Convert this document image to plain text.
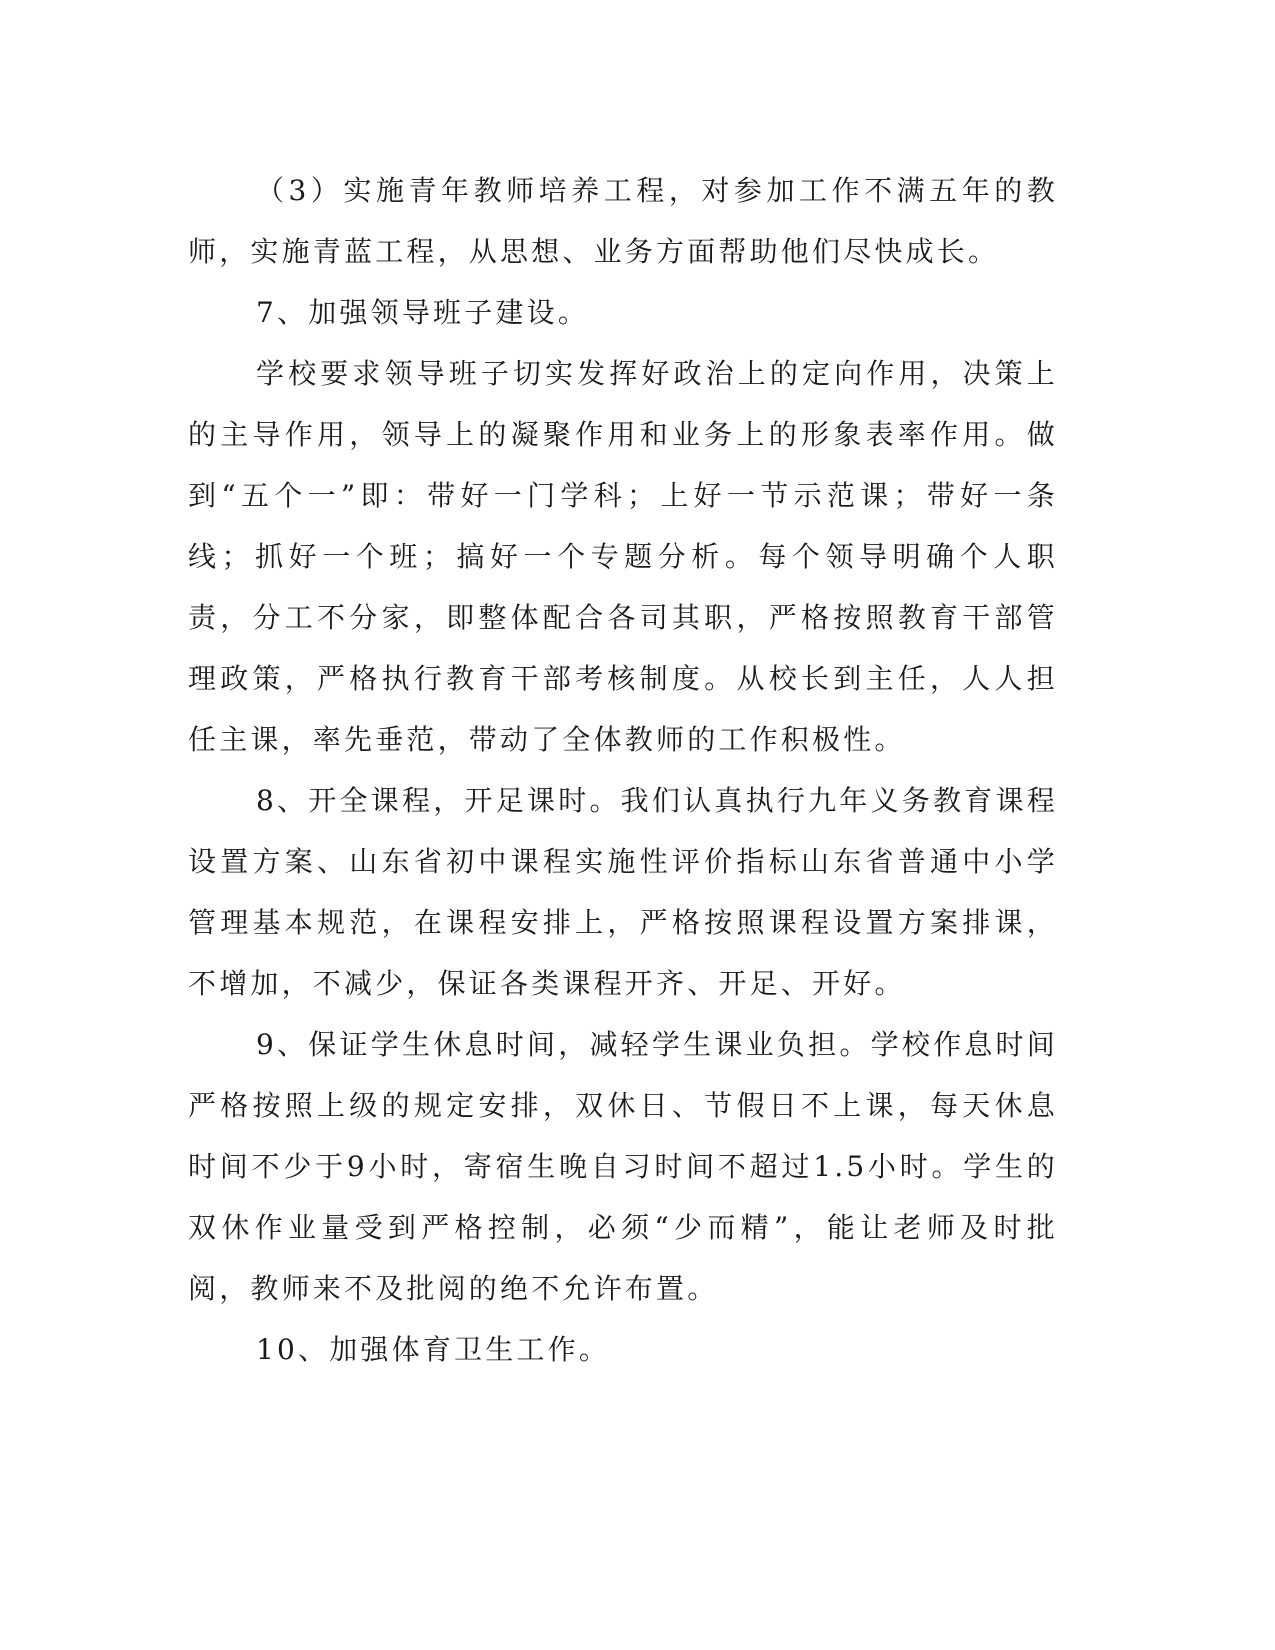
（3）实施青年教师培养工程，对参加工作不满五年的教师，实施青蓝工程，从思想、业务方面帮助他们尽快成长。

7、加强领导班子建设。

学校要求领导班子切实发挥好政治上的定向作用，决策上的主导作用，领导上的凝聚作用和业务上的形象表率作用。做到“五个一”即：带好一门学科；上好一节示范课；带好一条线；抓好一个班；搞好一个专题分析。每个领导明确个人职责，分工不分家，即整体配合各司其职，严格按照教育干部管理政策，严格执行教育干部考核制度。从校长到主任，人人担任主课，率先垂范，带动了全体教师的工作积极性。

8、开全课程，开足课时。我们认真执行九年义务教育课程设置方案、山东省初中课程实施性评价指标山东省普通中小学管理基本规范，在课程安排上，严格按照课程设置方案排课，不增加，不减少，保证各类课程开齐、开足、开好。

9、保证学生休息时间，减轻学生课业负担。学校作息时间严格按照上级的规定安排，双休日、节假日不上课，每天休息时间不少于9小时，寄宿生晚自习时间不超过1.5小时。学生的双休作业量受到严格控制，必须“少而精”，能让老师及时批阅，教师来不及批阅的绝不允许布置。

10、加强体育卫生工作。
